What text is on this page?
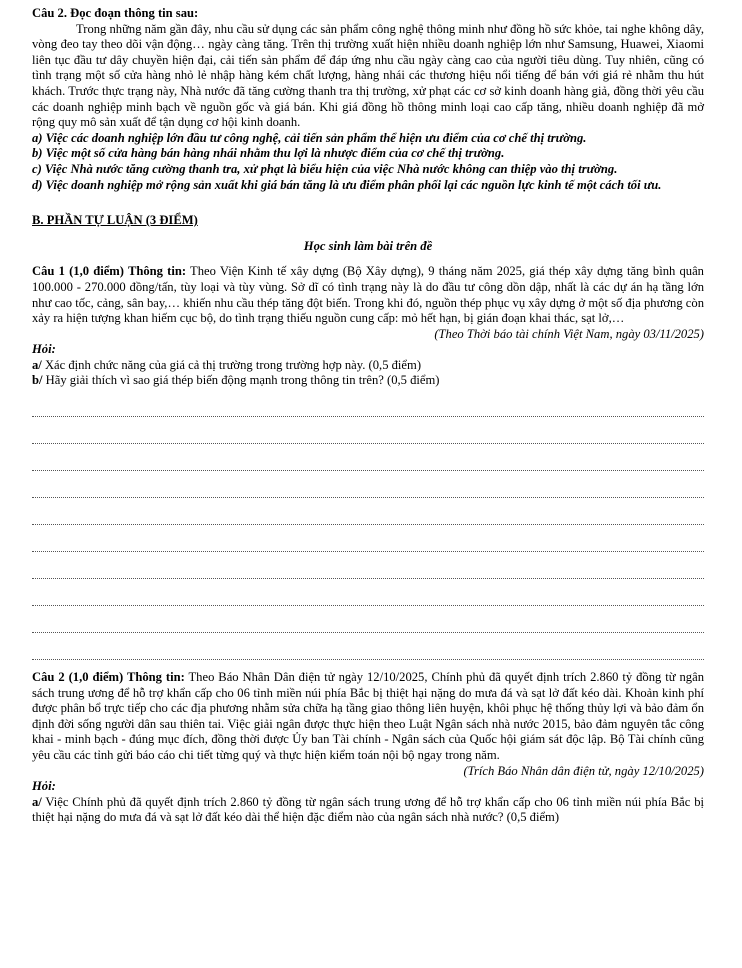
Câu 2. Đọc đoạn thông tin sau:

Trong những năm gần đây, nhu cầu sử dụng các sản phẩm công nghệ thông minh như đồng hồ sức khỏe, tai nghe không dây, vòng đeo tay theo dõi vận động… ngày càng tăng. Trên thị trường xuất hiện nhiều doanh nghiệp lớn như Samsung, Huawei, Xiaomi liên tục đầu tư dây chuyền hiện đại, cải tiến sản phẩm để đáp ứng nhu cầu ngày càng cao của người tiêu dùng. Tuy nhiên, cũng có tình trạng một số cửa hàng nhỏ lẻ nhập hàng kém chất lượng, hàng nhái các thương hiệu nổi tiếng để bán với giá rẻ nhằm thu hút khách. Trước thực trạng này, Nhà nước đã tăng cường thanh tra thị trường, xử phạt các cơ sở kinh doanh hàng giả, đồng thời yêu cầu các doanh nghiệp minh bạch về nguồn gốc và giá bán. Khi giá đồng hồ thông minh loại cao cấp tăng, nhiều doanh nghiệp đã mở rộng quy mô sản xuất để tận dụng cơ hội kinh doanh.

a) Việc các doanh nghiệp lớn đầu tư công nghệ, cải tiến sản phẩm thể hiện ưu điểm của cơ chế thị trường.

b) Việc một số cửa hàng bán hàng nhái nhằm thu lợi là nhược điểm của cơ chế thị trường.

c) Việc Nhà nước tăng cường thanh tra, xử phạt là biểu hiện của việc Nhà nước không can thiệp vào thị trường.

d) Việc doanh nghiệp mở rộng sản xuất khi giá bán tăng là ưu điểm phân phối lại các nguồn lực kinh tế một cách tối ưu.

B. PHẦN TỰ LUẬN (3 ĐIỂM)

Học sinh làm bài trên đề

Câu 1 (1,0 điểm) Thông tin: Theo Viện Kinh tế xây dựng (Bộ Xây dựng), 9 tháng năm 2025, giá thép xây dựng tăng bình quân 100.000 - 270.000 đồng/tấn, tùy loại và tùy vùng. Sở dĩ có tình trạng này là do đầu tư công dồn dập, nhất là các dự án hạ tầng lớn như cao tốc, cảng, sân bay,… khiến nhu cầu thép tăng đột biến. Trong khi đó, nguồn thép phục vụ xây dựng ở một số địa phương còn xảy ra hiện tượng khan hiếm cục bộ, do tình trạng thiếu nguồn cung cấp: mỏ hết hạn, bị gián đoạn khai thác, sạt lở,…

(Theo Thời báo tài chính Việt Nam, ngày 03/11/2025)

Hỏi:

a/ Xác định chức năng của giá cả thị trường trong trường hợp này. (0,5 điểm)

b/ Hãy giải thích vì sao giá thép biến động mạnh trong thông tin trên? (0,5 điểm)

Câu 2 (1,0 điểm) Thông tin: Theo Báo Nhân Dân điện tử ngày 12/10/2025, Chính phủ đã quyết định trích 2.860 tỷ đồng từ ngân sách trung ương để hỗ trợ khẩn cấp cho 06 tỉnh miền núi phía Bắc bị thiệt hại nặng do mưa đá và sạt lở đất kéo dài. Khoản kinh phí được phân bổ trực tiếp cho các địa phương nhằm sửa chữa hạ tầng giao thông liên huyện, khôi phục hệ thống thủy lợi và bảo đảm ổn định đời sống người dân sau thiên tai. Việc giải ngân được thực hiện theo Luật Ngân sách nhà nước 2015, bảo đảm nguyên tắc công khai - minh bạch - đúng mục đích, đồng thời được Ủy ban Tài chính - Ngân sách của Quốc hội giám sát độc lập. Bộ Tài chính cũng yêu cầu các tỉnh gửi báo cáo chi tiết từng quý và thực hiện kiểm toán nội bộ ngay trong năm.

(Trích Báo Nhân dân điện tử, ngày 12/10/2025)

Hỏi:

a/ Việc Chính phủ đã quyết định trích 2.860 tỷ đồng từ ngân sách trung ương để hỗ trợ khẩn cấp cho 06 tỉnh miền núi phía Bắc bị thiệt hại nặng do mưa đá và sạt lở đất kéo dài thể hiện đặc điểm nào của ngân sách nhà nước? (0,5 điểm)
